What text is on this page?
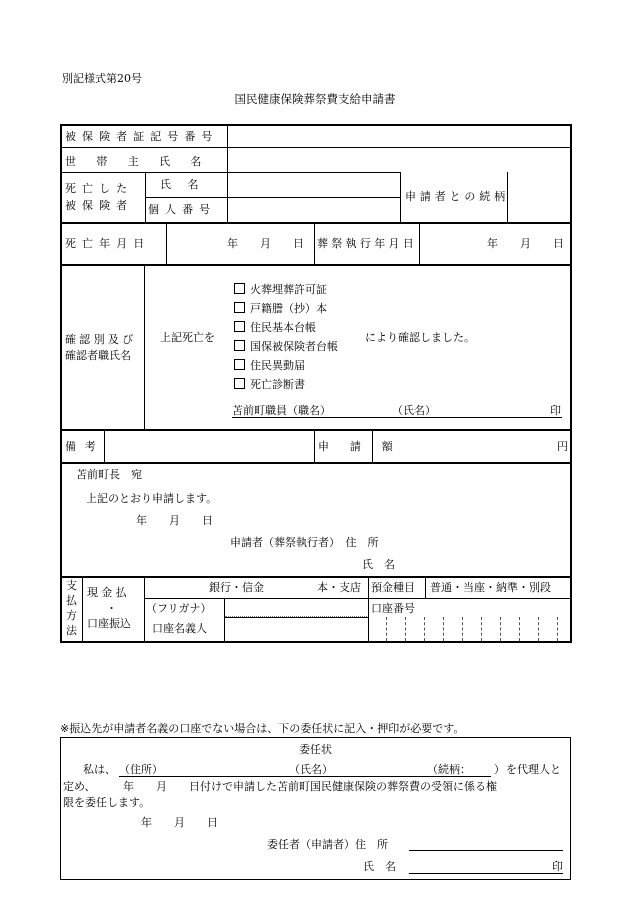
別記様式第20号
国民健康保険葬祭費支給申請書
被保険者証記号番号
世帯主氏名
死亡した
被保険者
氏名
個人番号
申請者との続柄
死亡年月日	年　　月　　日 葬祭執行年月日	年　　月　　日
確認別及び
確認者職氏名
上記死亡を
火葬埋葬許可証
戸籍謄（抄）本
住民基本台帳
国保被保険者台帳
住民異動届
死亡診断書
により確認しました。
苫前町職員（職名）	（氏名）	印
備考	申請額	円
苫前町長　宛
上記のとおり申請します。
年　　月　　日
申請者（葬祭執行者）　住　所
氏　名
支
払
方
法
現金払
・
口座振込
銀行・信金	本・支店 預金種目 普通・当座・納準・別段
（フリガナ）
口座名義人
口座番号
※振込先が申請者名義の口座でない場合は、下の委任状に記入・押印が必要です。
委任状
私は、 （住所）	（氏名）	（続柄： ） を代理人と
定め、　　　年　　月　　日付けで申請した苫前町国民健康保険の葬祭費の受領に係る権
限を委任します。
年　　月　　日
委任者（申請者）住　所
氏　名	印
